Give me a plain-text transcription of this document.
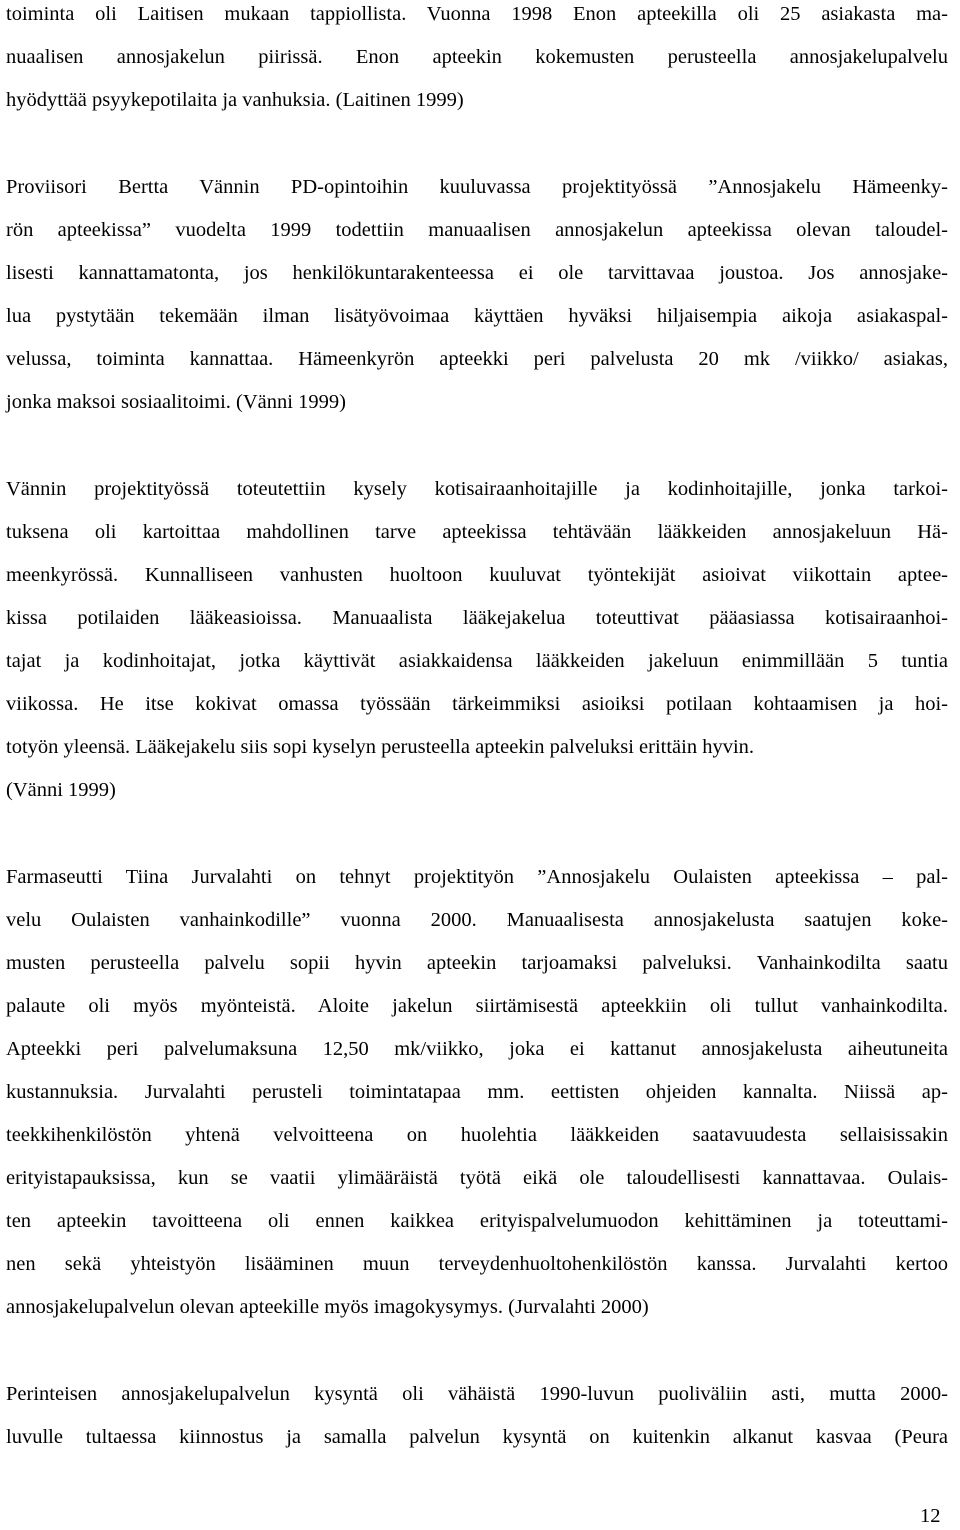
toiminta oli Laitisen mukaan tappiollista. Vuonna 1998 Enon apteekilla oli 25 asiakasta ma-
nuaalisen annosjakelun piirissä. Enon apteekin kokemusten perusteella annosjakelupalvelu
hyödyttää psyykepotilaita ja vanhuksia. (Laitinen 1999)
Proviisori Bertta Vännin PD-opintoihin kuuluvassa projektityössä ”Annosjakelu Hämeenky-
rön apteekissa” vuodelta 1999 todettiin manuaalisen annosjakelun apteekissa olevan taloudel-
lisesti kannattamatonta, jos henkilökuntarakenteessa ei ole tarvittavaa joustoa. Jos annosjake-
lua pystytään tekemään ilman lisätyövoimaa käyttäen hyväksi hiljaisempia aikoja asiakaspal-
velussa, toiminta kannattaa. Hämeenkyrön apteekki peri palvelusta 20 mk /viikko/ asiakas,
jonka maksoi sosiaalitoimi. (Vänni 1999)
Vännin projektityössä toteutettiin kysely kotisairaanhoitajille ja kodinhoitajille, jonka tarkoi-
tuksena oli kartoittaa mahdollinen tarve apteekissa tehtävään lääkkeiden annosjakeluun Hä-
meenkyrössä. Kunnalliseen vanhusten huoltoon kuuluvat työntekijät asioivat viikottain aptee-
kissa potilaiden lääkeasioissa. Manuaalista lääkejakelua toteuttivat pääasiassa kotisairaanhoi-
tajat ja kodinhoitajat, jotka käyttivät asiakkaidensa lääkkeiden jakeluun enimmillään 5 tuntia
viikossa. He itse kokivat omassa työssään tärkeimmiksi asioiksi potilaan kohtaamisen ja hoi-
totyön yleensä. Lääkejakelu siis sopi kyselyn perusteella apteekin palveluksi erittäin hyvin.
(Vänni 1999)
Farmaseutti Tiina Jurvalahti on tehnyt projektityön ”Annosjakelu Oulaisten apteekissa – pal-
velu Oulaisten vanhainkodille” vuonna 2000. Manuaalisesta annosjakelusta saatujen koke-
musten perusteella palvelu sopii hyvin apteekin tarjoamaksi palveluksi. Vanhainkodilta saatu
palaute oli myös myönteistä. Aloite jakelun siirtämisestä apteekkiin oli tullut vanhainkodilta.
Apteekki peri palvelumaksuna 12,50 mk/viikko, joka ei kattanut annosjakelusta aiheutuneita
kustannuksia. Jurvalahti perusteli toimintatapaa mm. eettisten ohjeiden kannalta. Niissä ap-
teekkihenkilöstön yhtenä velvoitteena on huolehtia lääkkeiden saatavuudesta sellaisissakin
erityistapauksissa, kun se vaatii ylimääräistä työtä eikä ole taloudellisesti kannattavaa. Oulais-
ten apteekin tavoitteena oli ennen kaikkea erityispalvelumuodon kehittäminen ja toteuttami-
nen sekä yhteistyön lisääminen muun terveydenhuoltohenkilöstön kanssa. Jurvalahti kertoo
annosjakelupalvelun olevan apteekille myös imagokysymys. (Jurvalahti 2000)
Perinteisen annosjakelupalvelun kysyntä oli vähäistä 1990-luvun puoliväliin asti, mutta 2000-
luvulle tultaessa kiinnostus ja samalla palvelun kysyntä on kuitenkin alkanut kasvaa (Peura
12
